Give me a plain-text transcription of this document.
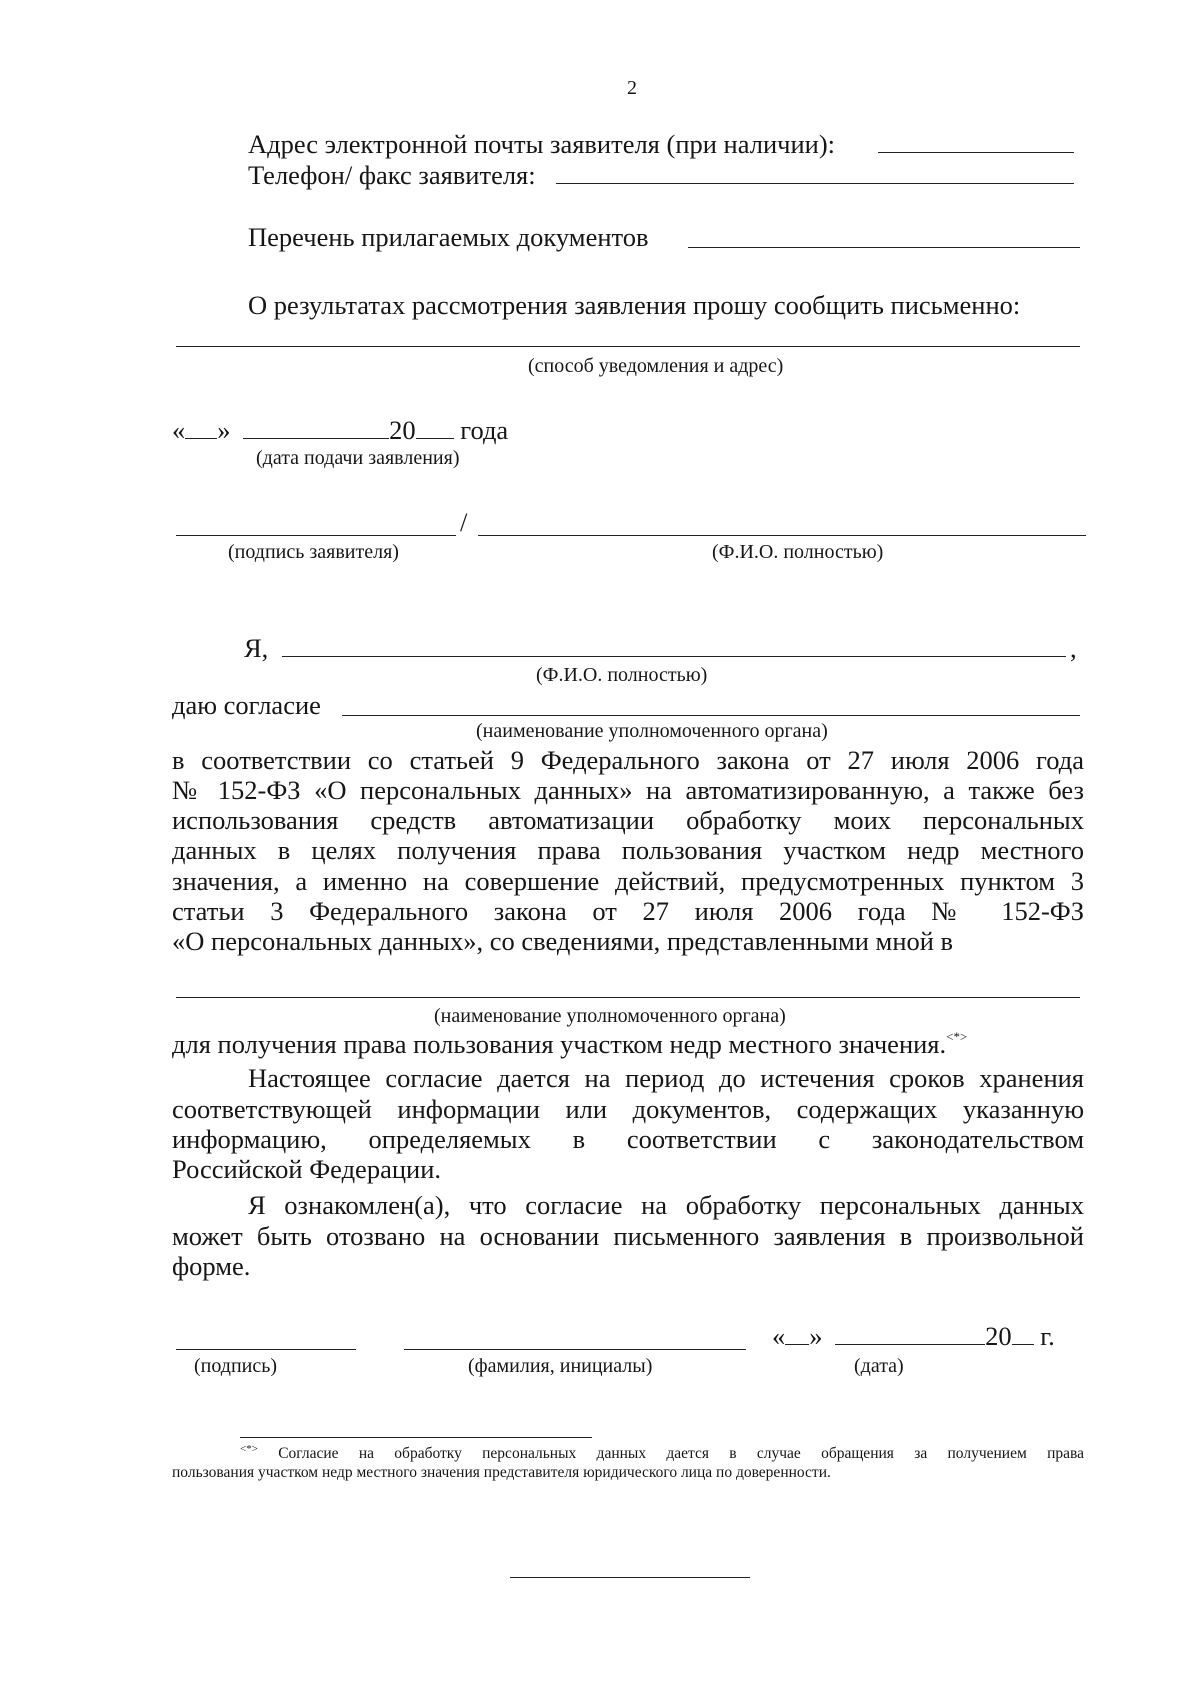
2
Адрес электронной почты заявителя (при наличии):
Телефон/ факс заявителя:
Перечень прилагаемых документов
О результатах рассмотрения заявления прошу сообщить письменно:
(способ уведомления и адрес)
« »	20 года
(дата подачи заявления)
/
(подпись заявителя)	(Ф.И.О. полностью)
Я,	,
(Ф.И.О. полностью)
даю согласие
(наименование уполномоченного органа)
в соответствии со статьей 9 Федерального закона от 27 июля 2006 года
№ 152-ФЗ «О персональных данных» на автоматизированную, а также без
использования средств автоматизации обработку моих персональных
данных в целях получения права пользования участком недр местного
значения, а именно на совершение действий, предусмотренных пунктом 3
статьи 3 Федерального закона от 27 июля 2006 года № 152-ФЗ
«О персональных данных», со сведениями, представленными мной в
(наименование уполномоченного органа)
для получения права пользования участком недр местного значения.<*>
Настоящее согласие дается на период до истечения сроков хранения
соответствующей информации или документов, содержащих указанную
информацию, определяемых в соответствии с законодательством
Российской Федерации.
Я ознакомлен(а), что согласие на обработку персональных данных
может быть отозвано на основании письменного заявления в произвольной
форме.
« »	20 г.
(подпись)	(фамилия, инициалы)	(дата)
<*> Согласие на обработку персональных данных дается в случае обращения за получением права
пользования участком недр местного значения представителя юридического лица по доверенности.
